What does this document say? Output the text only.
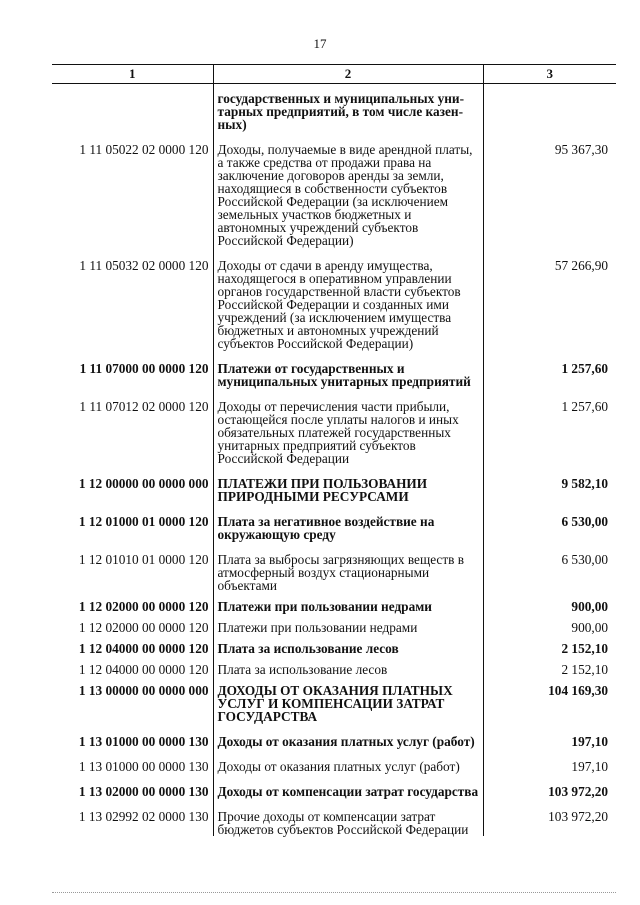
17
1	2	3
	государственных и муниципальных уни-тарных предприятий, в том числе казен-ных)	
1 11 05022 02 0000 120	Доходы, получаемые в виде арендной платы, а также средства от продажи права на заключение договоров аренды за земли, находящиеся в собственности субъектов Российской Федерации (за исключением земельных участков бюджетных и автономных учреждений субъектов Российской Федерации)	95 367,30
1 11 05032 02 0000 120	Доходы от сдачи в аренду имущества, находящегося в оперативном управлении органов государственной власти субъектов Российской Федерации и созданных ими учреждений (за исключением имущества бюджетных и автономных учреждений субъектов Российской Федерации)	57 266,90
1 11 07000 00 0000 120	Платежи от государственных и муниципальных унитарных предприятий	1 257,60
1 11 07012 02 0000 120	Доходы от перечисления части прибыли, остающейся после уплаты налогов и иных обязательных платежей государственных унитарных предприятий субъектов Российской Федерации	1 257,60
1 12 00000 00 0000 000	ПЛАТЕЖИ ПРИ ПОЛЬЗОВАНИИ ПРИРОДНЫМИ РЕСУРСАМИ	9 582,10
1 12 01000 01 0000 120	Плата за негативное воздействие на окружающую среду	6 530,00
1 12 01010 01 0000 120	Плата за выбросы загрязняющих веществ в атмосферный воздух стационарными объектами	6 530,00
1 12 02000 00 0000 120	Платежи при пользовании недрами	900,00
1 12 02000 00 0000 120	Платежи при пользовании недрами	900,00
1 12 04000 00 0000 120	Плата за использование лесов	2 152,10
1 12 04000 00 0000 120	Плата за использование лесов	2 152,10
1 13 00000 00 0000 000	ДОХОДЫ ОТ ОКАЗАНИЯ ПЛАТНЫХ УСЛУГ И КОМПЕНСАЦИИ ЗАТРАТ ГОСУДАРСТВА	104 169,30
1 13 01000 00 0000 130	Доходы от оказания платных услуг (работ)	197,10
1 13 01000 00 0000 130	Доходы от оказания платных услуг (работ)	197,10
1 13 02000 00 0000 130	Доходы от компенсации затрат государства	103 972,20
1 13 02992 02 0000 130	Прочие доходы от компенсации затрат бюджетов субъектов Российской Федерации	103 972,20
